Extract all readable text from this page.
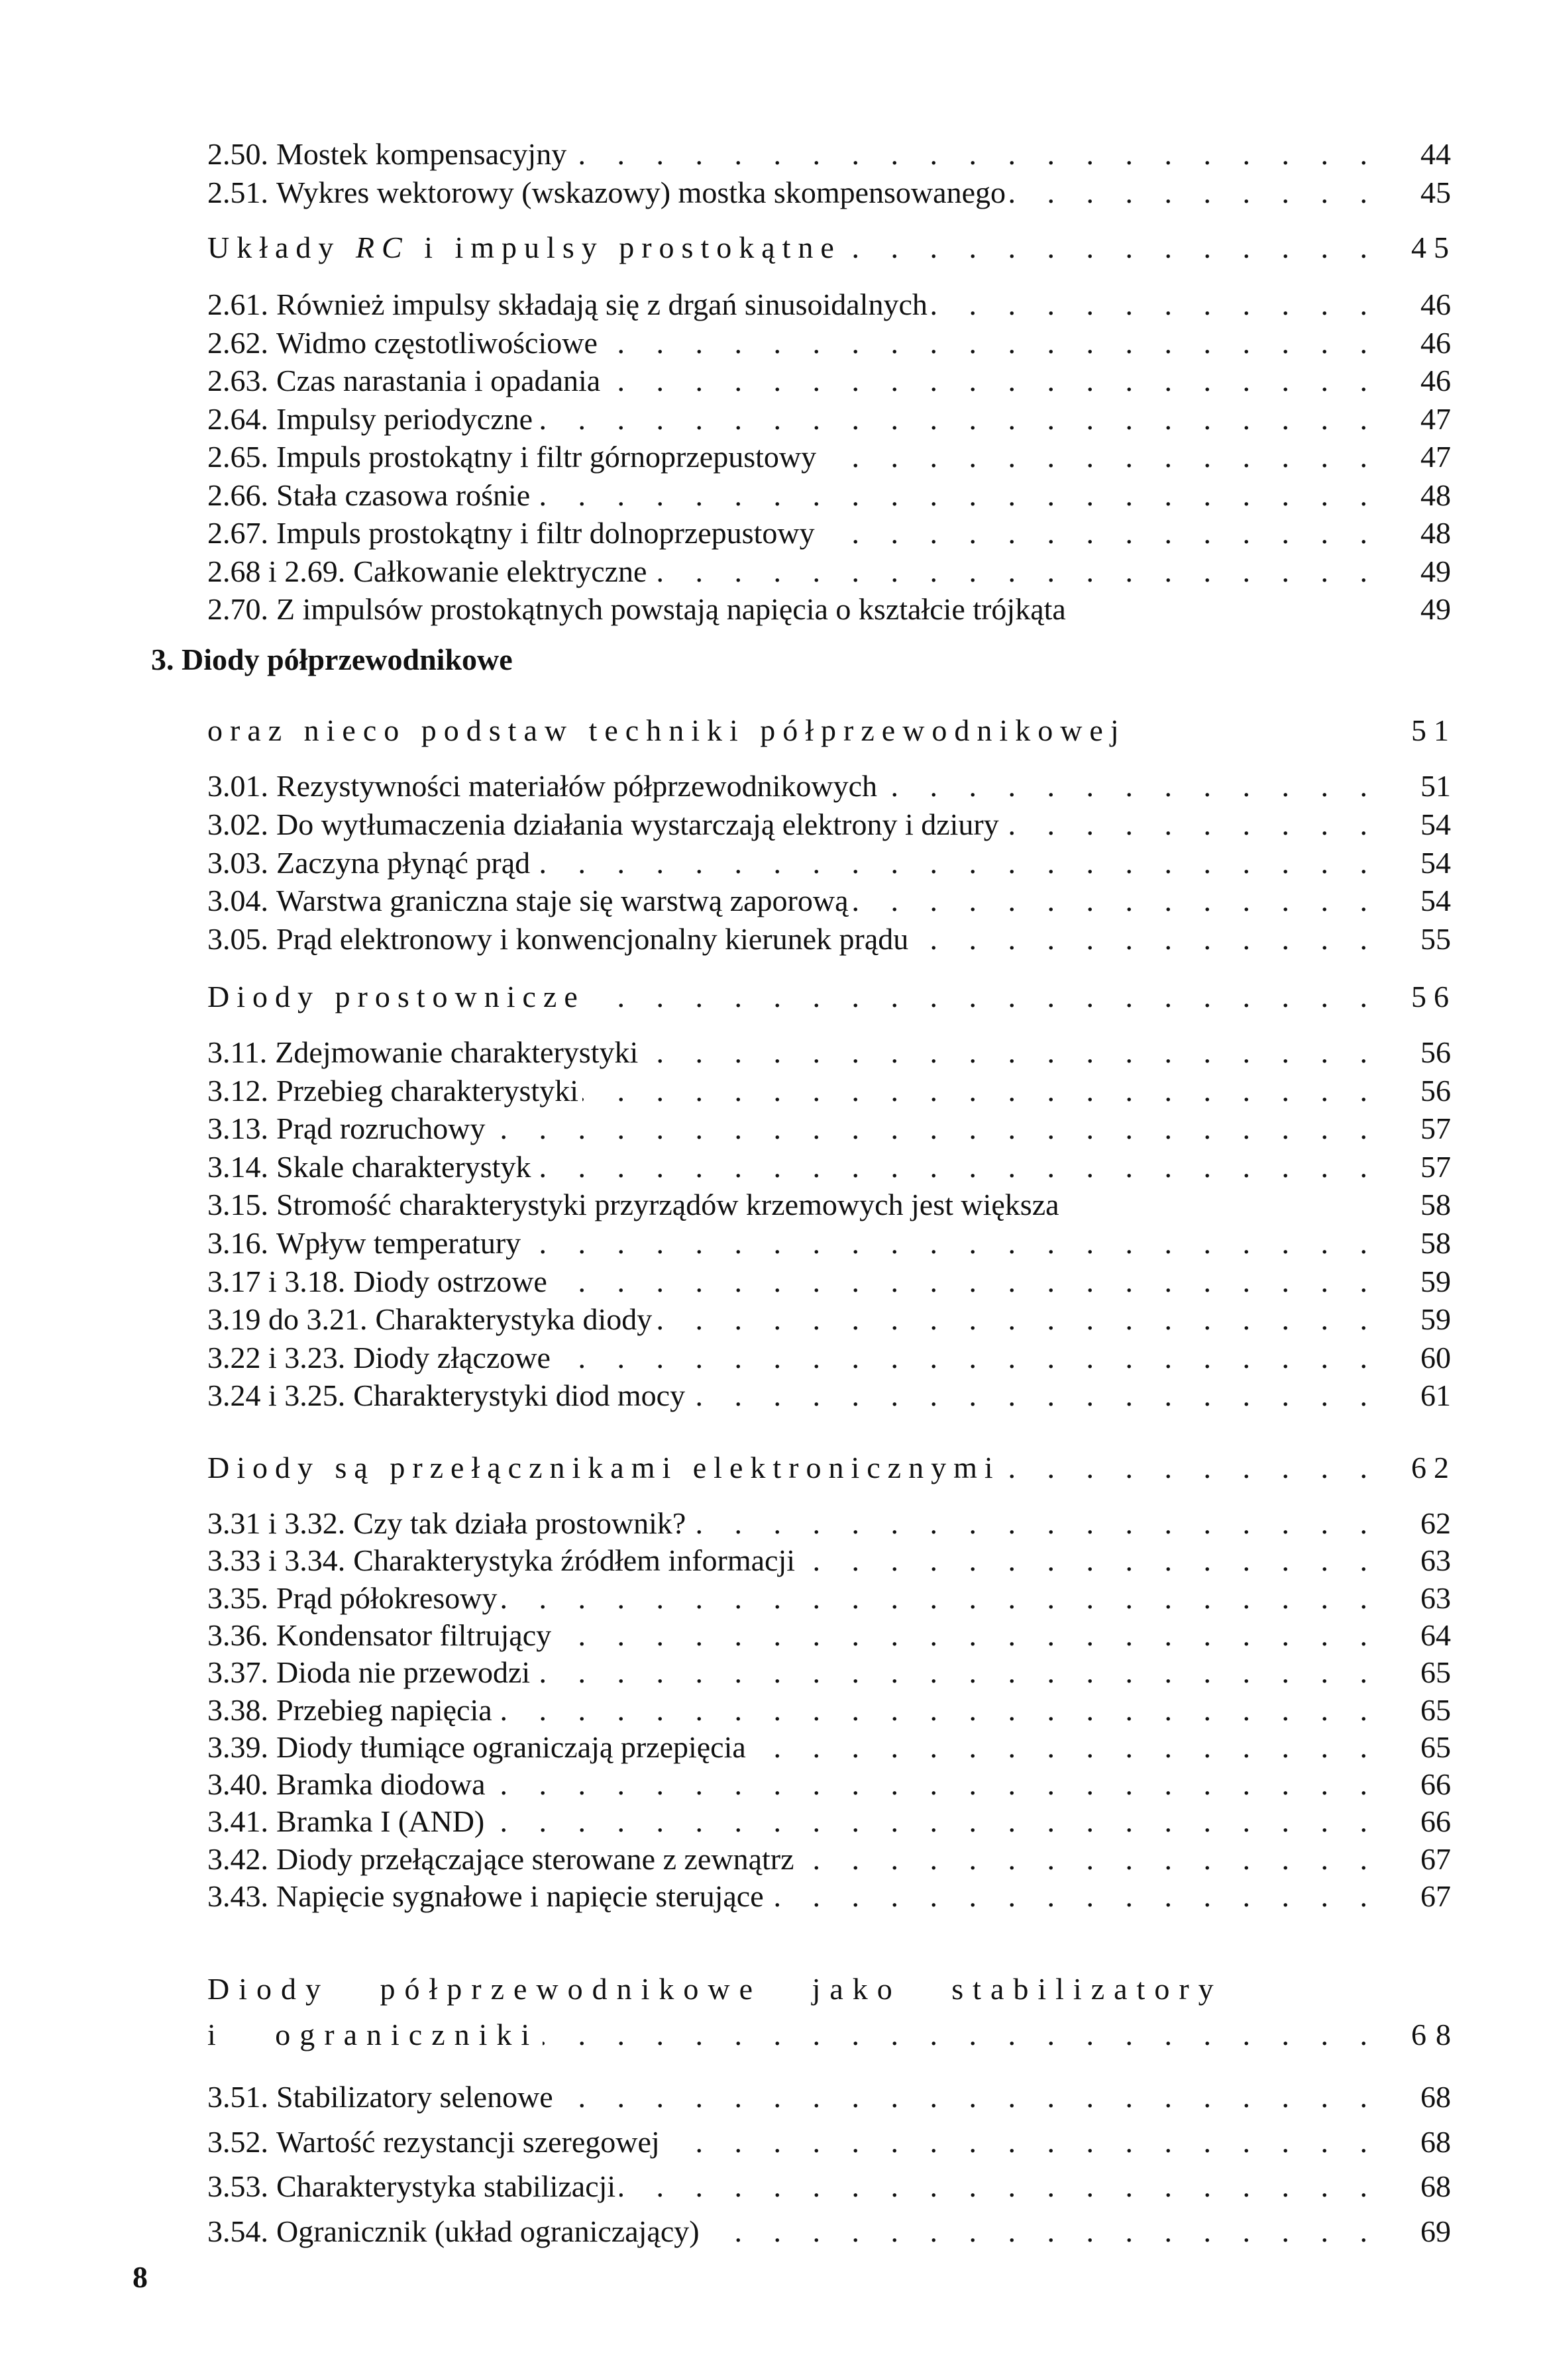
2.50. Mostek kompensacyjny . . .	44
2.51. Wykres wektorowy (wskazowy) mostka skompensowanego . . .	45
2.61. Również impulsy składają się z drgań sinusoidalnych . . .	46
2.62. Widmo częstotliwościowe . . .	46
2.63. Czas narastania i opadania . . .	46
2.64. Impulsy periodyczne . . .	47
2.65. Impuls prostokątny i filtr górnoprzepustowy . . .	47
2.66. Stała czasowa rośnie . . .	48
2.67. Impuls prostokątny i filtr dolnoprzepustowy . . .	48
2.68 i 2.69. Całkowanie elektryczne . . .	49
2.70. Z impulsów prostokątnych powstają napięcia o kształcie trójkąta	49
3.01. Rezystywności materiałów półprzewodnikowych . . .	51
3.02. Do wytłumaczenia działania wystarczają elektrony i dziury . . .	54
3.03. Zaczyna płynąć prąd . . .	54
3.04. Warstwa graniczna staje się warstwą zaporową . . .	54
3.05. Prąd elektronowy i konwencjonalny kierunek prądu . . .	55
3.11. Zdejmowanie charakterystyki . . .	56
3.12. Przebieg charakterystyki . . .	56
3.13. Prąd rozruchowy . . .	57
3.14. Skale charakterystyk . . .	57
3.15. Stromość charakterystyki przyrządów krzemowych jest większa	58
3.16. Wpływ temperatury . . .	58
3.17 i 3.18. Diody ostrzowe . . .	59
3.19 do 3.21. Charakterystyka diody . . .	59
3.22 i 3.23. Diody złączowe . . .	60
3.24 i 3.25. Charakterystyki diod mocy . . .	61
3.31 i 3.32. Czy tak działa prostownik? . . .	62
3.33 i 3.34. Charakterystyka źródłem informacji . . .	63
3.35. Prąd półokresowy . . .	63
3.36. Kondensator filtrujący . . .	64
3.37. Dioda nie przewodzi . . .	65
3.38. Przebieg napięcia . . .	65
3.39. Diody tłumiące ograniczają przepięcia . . .	65
3.40. Bramka diodowa . . .	66
3.41. Bramka I (AND) . . .	66
3.42. Diody przełączające sterowane z zewnątrz . . .	67
3.43. Napięcie sygnałowe i napięcie sterujące . . .	67
3.51. Stabilizatory selenowe . . .	68
3.52. Wartość rezystancji szeregowej . . .	68
3.53. Charakterystyka stabilizacji . . .	68
3.54. Ogranicznik (układ ograniczający) . . .	69
3. Diody półprzewodnikowe
Układy RC i impulsy prostokątne . . .	45
oraz nieco podstaw techniki półprzewodnikowej	51
Diody prostownicze . . .	56
Diody są przełącznikami elektronicznymi . . .	62
Diody półprzewodnikowe jako stabilizatory
i ograniczniki . . .	68
8
